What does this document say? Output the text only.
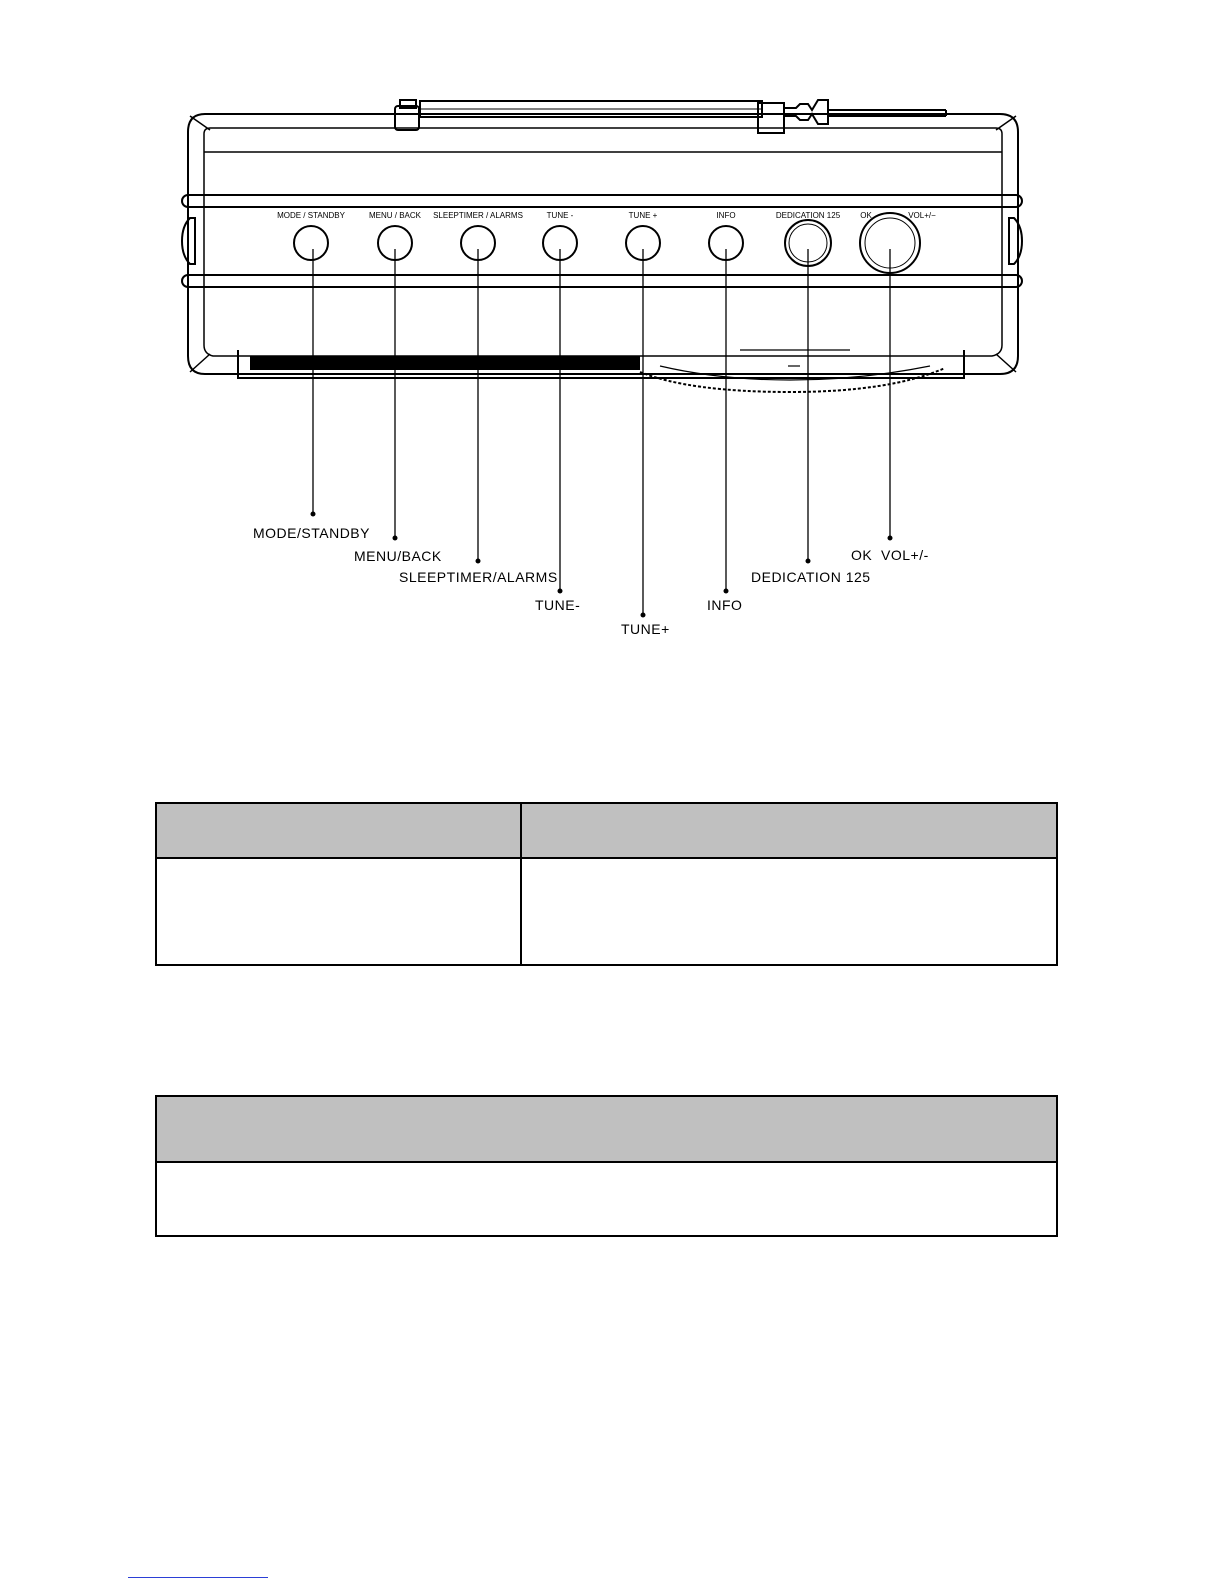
MODE / STANDBY	MENU / BACK SLEEPTIMER / ALARMS	TUNE -	TUNE +	INFO	DEDICATION 125	OK	VOL+/−
MODE/STANDBY
MENU/BACK
SLEEPTIMER/ALARMS
TUNE-
TUNE+
INFO
DEDICATION 125
OK  VOL+/-
